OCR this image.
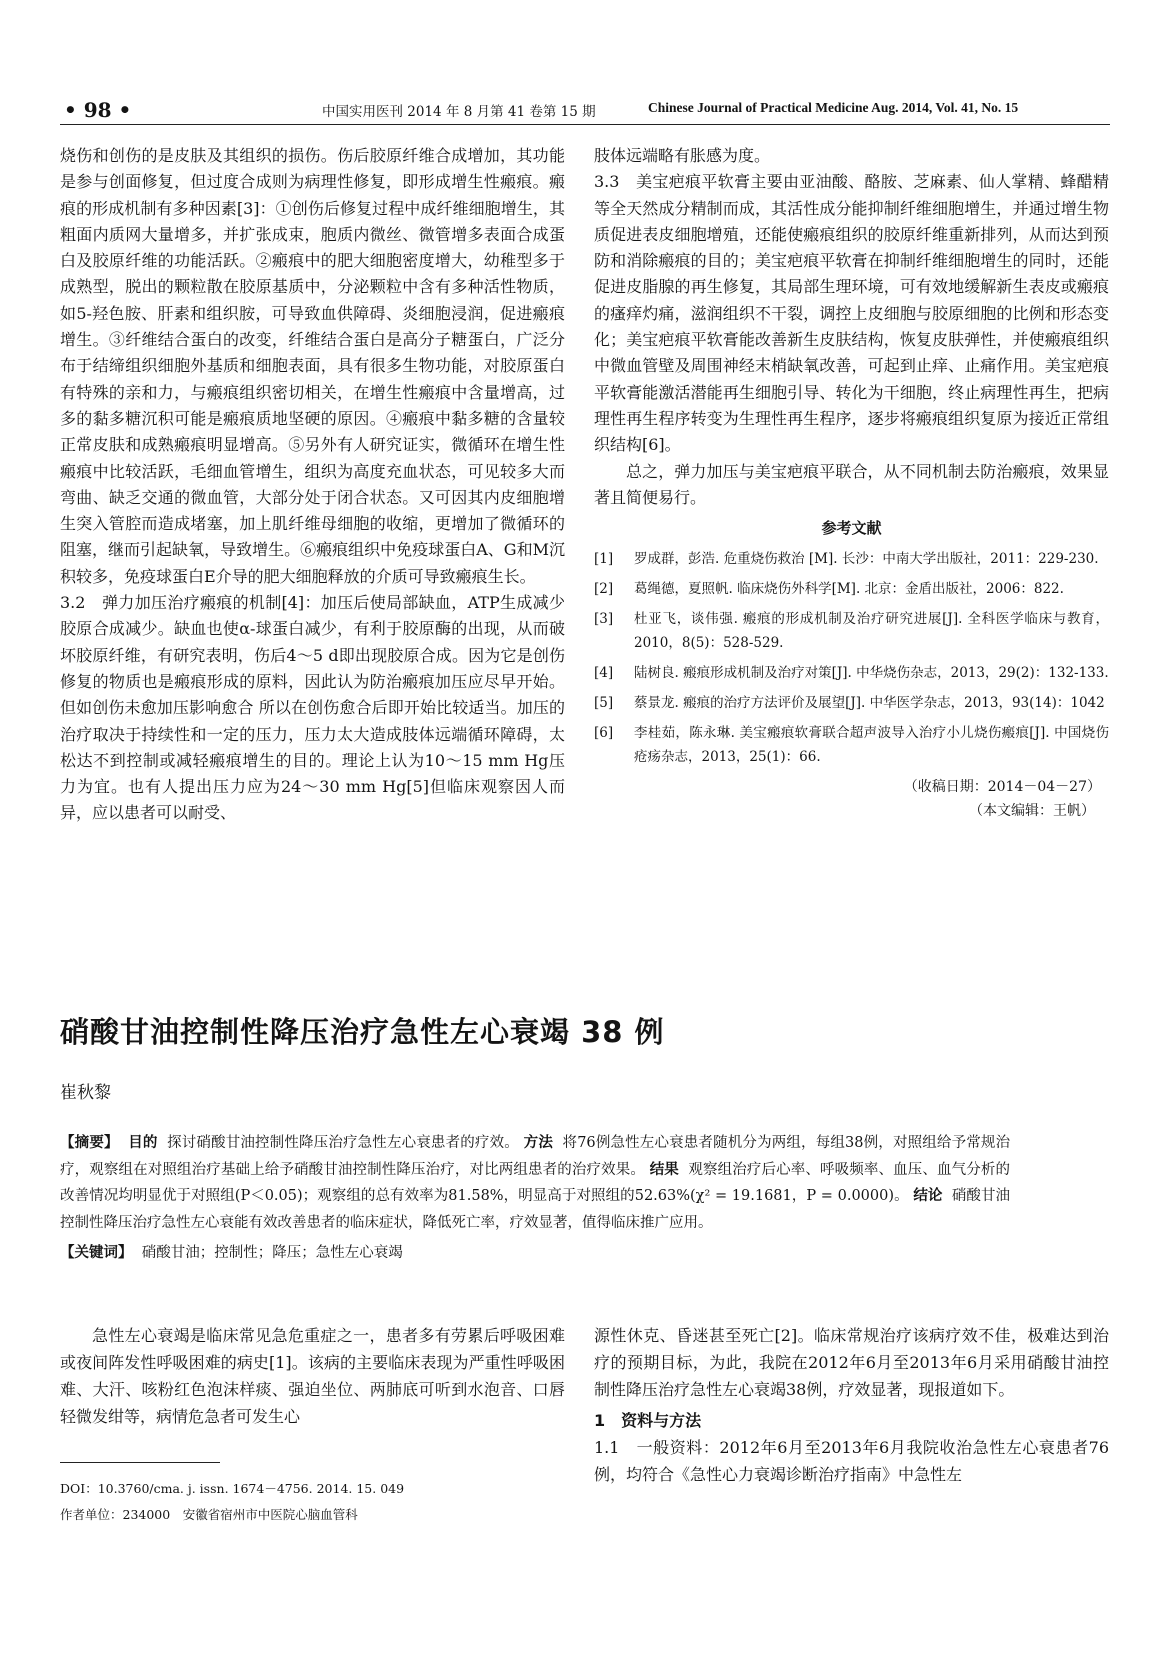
• 98 •	中国实用医刊 2014 年 8 月第 41 卷第 15 期	Chinese Journal of Practical Medicine Aug. 2014, Vol. 41, No. 15

烧伤和创伤的是皮肤及其组织的损伤。伤后胶原纤维合成增加，其功能是参与创面修复，但过度合成则为病理性修复，即形成增生性瘢痕。瘢痕的形成机制有多种因素[3]：①创伤后修复过程中成纤维细胞增生，其粗面内质网大量增多，并扩张成束，胞质内微丝、微管增多表面合成蛋白及胶原纤维的功能活跃。②瘢痕中的肥大细胞密度增大，幼稚型多于成熟型，脱出的颗粒散在胶原基质中，分泌颗粒中含有多种活性物质，如5-羟色胺、肝素和组织胺，可导致血供障碍、炎细胞浸润，促进瘢痕增生。③纤维结合蛋白的改变，纤维结合蛋白是高分子糖蛋白，广泛分布于结缔组织细胞外基质和细胞表面，具有很多生物功能，对胶原蛋白有特殊的亲和力，与瘢痕组织密切相关，在增生性瘢痕中含量增高，过多的黏多糖沉积可能是瘢痕质地坚硬的原因。④瘢痕中黏多糖的含量较正常皮肤和成熟瘢痕明显增高。⑤另外有人研究证实，微循环在增生性瘢痕中比较活跃，毛细血管增生，组织为高度充血状态，可见较多大而弯曲、缺乏交通的微血管，大部分处于闭合状态。又可因其内皮细胞增生突入管腔而造成堵塞，加上肌纤维母细胞的收缩，更增加了微循环的阻塞，继而引起缺氧，导致增生。⑥瘢痕组织中免疫球蛋白A、G和M沉积较多，免疫球蛋白E介导的肥大细胞释放的介质可导致瘢痕生长。

3.2　弹力加压治疗瘢痕的机制[4]：加压后使局部缺血，ATP生成减少胶原合成减少。缺血也使α-球蛋白减少，有利于胶原酶的出现，从而破坏胶原纤维，有研究表明，伤后4～5 d即出现胶原合成。因为它是创伤修复的物质也是瘢痕形成的原料，因此认为防治瘢痕加压应尽早开始。但如创伤未愈加压影响愈合 所以在创伤愈合后即开始比较适当。加压的治疗取决于持续性和一定的压力，压力太大造成肢体远端循环障碍，太松达不到控制或减轻瘢痕增生的目的。理论上认为10～15 mm Hg压力为宜。也有人提出压力应为24～30 mm Hg[5]但临床观察因人而异，应以患者可以耐受、

肢体远端略有胀感为度。

3.3　美宝疤痕平软膏主要由亚油酸、酪胺、芝麻素、仙人掌精、蜂醋精等全天然成分精制而成，其活性成分能抑制纤维细胞增生，并通过增生物质促进表皮细胞增殖，还能使瘢痕组织的胶原纤维重新排列，从而达到预防和消除瘢痕的目的；美宝疤痕平软膏在抑制纤维细胞增生的同时，还能促进皮脂腺的再生修复，其局部生理环境，可有效地缓解新生表皮或瘢痕的瘙痒灼痛，滋润组织不干裂，调控上皮细胞与胶原细胞的比例和形态变化；美宝疤痕平软膏能改善新生皮肤结构，恢复皮肤弹性，并使瘢痕组织中微血管壁及周围神经末梢缺氧改善，可起到止痒、止痛作用。美宝疤痕平软膏能激活潜能再生细胞引导、转化为干细胞，终止病理性再生，把病理性再生程序转变为生理性再生程序，逐步将瘢痕组织复原为接近正常组织结构[6]。

总之，弹力加压与美宝疤痕平联合，从不同机制去防治瘢痕，效果显著且简便易行。

参考文献
[1]	罗成群，彭浩. 危重烧伤救治 [M]. 长沙：中南大学出版社，2011：229-230.
[2]	葛绳德，夏照帆. 临床烧伤外科学[M]. 北京：金盾出版社，2006：822.
[3]	杜亚飞，谈伟强. 瘢痕的形成机制及治疗研究进展[J]. 全科医学临床与教育，2010，8(5)：528-529.
[4]	陆树良. 瘢痕形成机制及治疗对策[J]. 中华烧伤杂志，2013，29(2)：132-133.
[5]	蔡景龙. 瘢痕的治疗方法评价及展望[J]. 中华医学杂志，2013，93(14)：1042
[6]	李桂茹，陈永琳. 美宝瘢痕软膏联合超声波导入治疗小儿烧伤瘢痕[J]. 中国烧伤疮疡杂志，2013，25(1)：66.
（收稿日期：2014－04－27）
（本文编辑：王帆）
硝酸甘油控制性降压治疗急性左心衰竭 38 例
崔秋黎

【摘要】 目的 探讨硝酸甘油控制性降压治疗急性左心衰患者的疗效。 方法 将76例急性左心衰患者随机分为两组，每组38例，对照组给予常规治疗，观察组在对照组治疗基础上给予硝酸甘油控制性降压治疗，对比两组患者的治疗效果。 结果 观察组治疗后心率、呼吸频率、血压、血气分析的改善情况均明显优于对照组(P＜0.05)；观察组的总有效率为81.58%，明显高于对照组的52.63%(χ² = 19.1681，P = 0.0000)。 结论 硝酸甘油控制性降压治疗急性左心衰能有效改善患者的临床症状，降低死亡率，疗效显著，值得临床推广应用。

【关键词】 硝酸甘油；控制性；降压；急性左心衰竭

急性左心衰竭是临床常见急危重症之一，患者多有劳累后呼吸困难或夜间阵发性呼吸困难的病史[1]。该病的主要临床表现为严重性呼吸困难、大汗、咳粉红色泡沫样痰、强迫坐位、两肺底可听到水泡音、口唇轻微发绀等，病情危急者可发生心

DOI：10.3760/cma. j. issn. 1674－4756. 2014. 15. 049
作者单位：234000　安徽省宿州市中医院心脑血管科

源性休克、昏迷甚至死亡[2]。临床常规治疗该病疗效不佳，极难达到治疗的预期目标，为此，我院在2012年6月至2013年6月采用硝酸甘油控制性降压治疗急性左心衰竭38例，疗效显著，现报道如下。

1　资料与方法

1.1　一般资料：2012年6月至2013年6月我院收治急性左心衰患者76例，均符合《急性心力衰竭诊断治疗指南》中急性左
